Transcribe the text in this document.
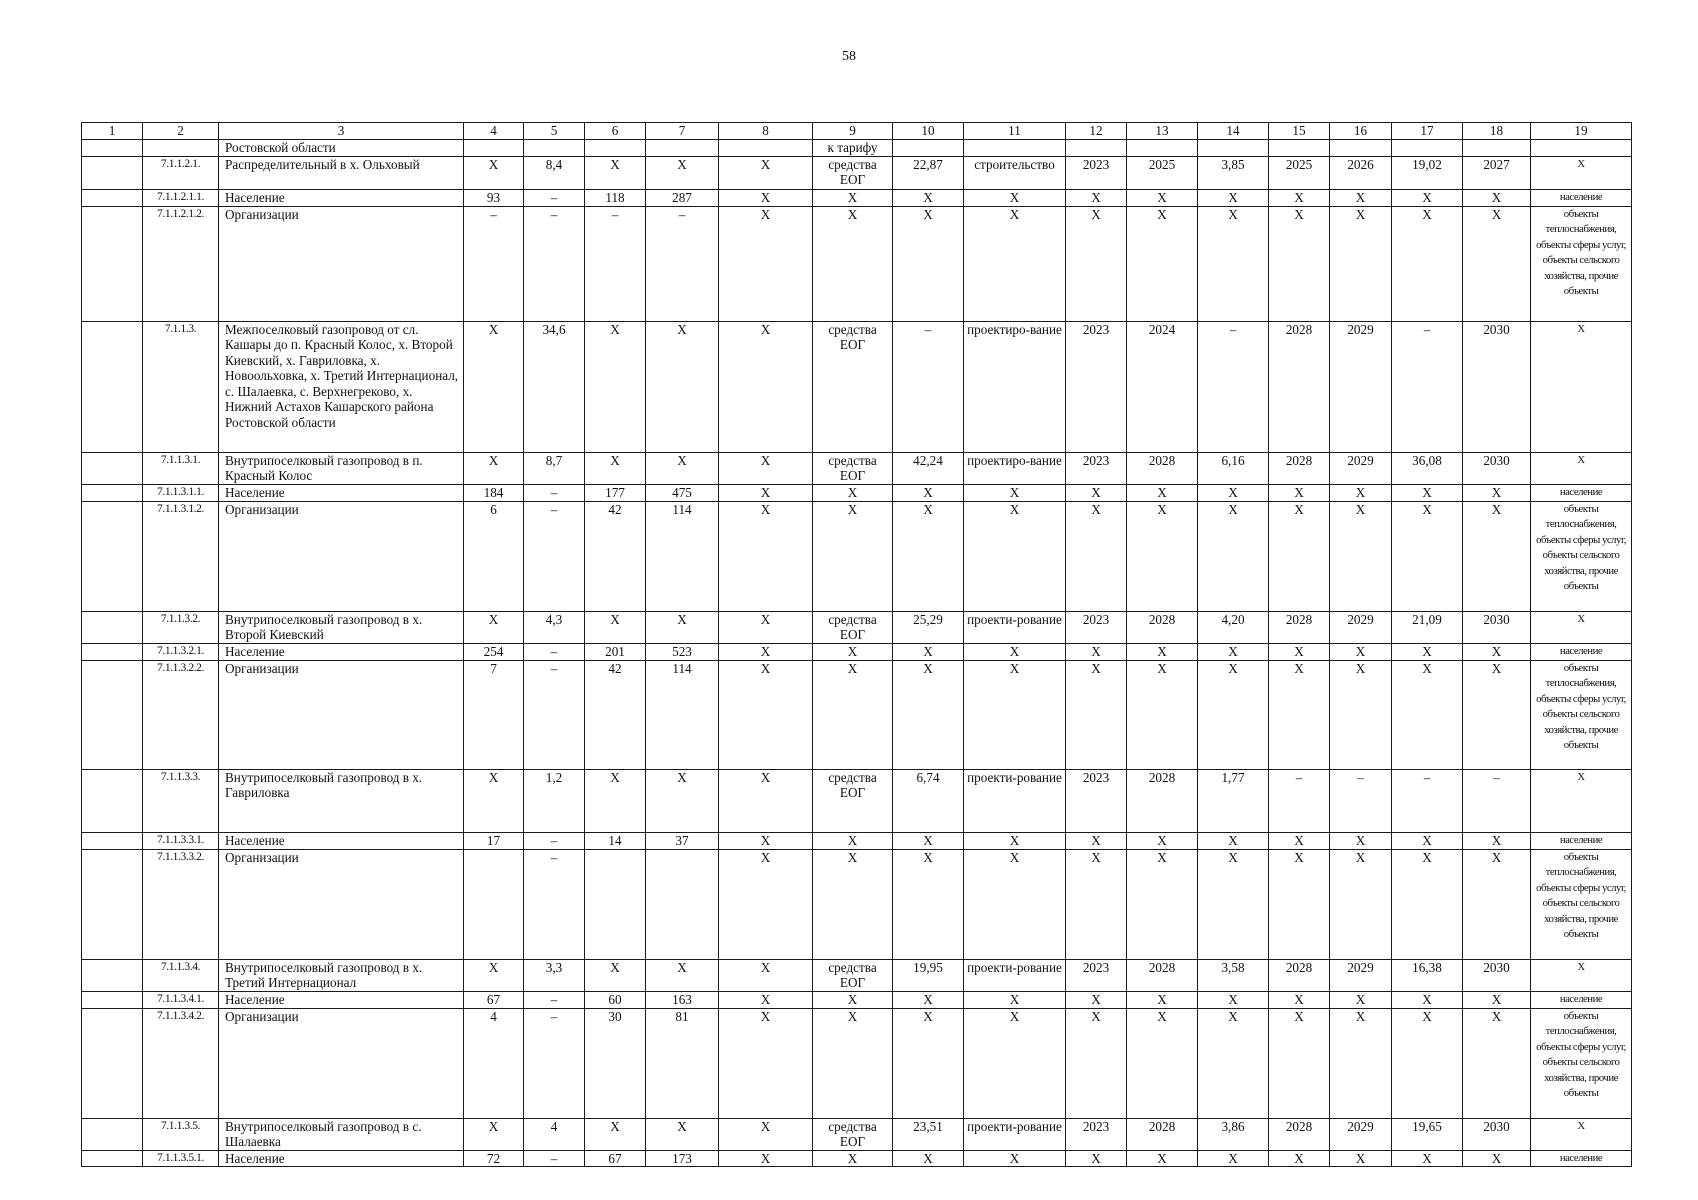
58
1	2	3	4	5	6	7	8	9	10	11	12	13	14	15	16	17	18	19
		Ростовской области						к тарифу										
	7.1.1.2.1.	Распределительный в х. Ольховый	X	8,4	X	X	X	средства ЕОГ	22,87	строительство	2023	2025	3,85	2025	2026	19,02	2027	X
	7.1.1.2.1.1.	Население	93	–	118	287	X	X	X	X	X	X	X	X	X	X	X	население
	7.1.1.2.1.2.	Организации	–	–	–	–	X	X	X	X	X	X	X	X	X	X	X	объекты теплоснабжения, объекты сферы услуг, объекты сельского хозяйства, прочие объекты
	7.1.1.3.	Межпоселковый газопровод от сл. Кашары до п. Красный Колос, х. Второй Киевский, х. Гавриловка, х. Новоольховка, х. Третий Интернационал, с. Шалаевка, с. Верхнегреково, х. Нижний Астахов Кашарского района Ростовской области	X	34,6	X	X	X	средства ЕОГ	–	проектиро-вание	2023	2024	–	2028	2029	–	2030	X
	7.1.1.3.1.	Внутрипоселковый газопровод в п. Красный Колос	X	8,7	X	X	X	средства ЕОГ	42,24	проектиро-вание	2023	2028	6,16	2028	2029	36,08	2030	X
	7.1.1.3.1.1.	Население	184	–	177	475	X	X	X	X	X	X	X	X	X	X	X	население
	7.1.1.3.1.2.	Организации	6	–	42	114	X	X	X	X	X	X	X	X	X	X	X	объекты теплоснабжения, объекты сферы услуг, объекты сельского хозяйства, прочие объекты
	7.1.1.3.2.	Внутрипоселковый газопровод в х. Второй Киевский	X	4,3	X	X	X	средства ЕОГ	25,29	проекти-рование	2023	2028	4,20	2028	2029	21,09	2030	X
	7.1.1.3.2.1.	Население	254	–	201	523	X	X	X	X	X	X	X	X	X	X	X	население
	7.1.1.3.2.2.	Организации	7	–	42	114	X	X	X	X	X	X	X	X	X	X	X	объекты теплоснабжения, объекты сферы услуг, объекты сельского хозяйства, прочие объекты
	7.1.1.3.3.	Внутрипоселковый газопровод в х. Гавриловка	X	1,2	X	X	X	средства ЕОГ	6,74	проекти-рование	2023	2028	1,77	–	–	–	–	X
	7.1.1.3.3.1.	Население	17	–	14	37	X	X	X	X	X	X	X	X	X	X	X	население
	7.1.1.3.3.2.	Организации		–			X	X	X	X	X	X	X	X	X	X	X	объекты теплоснабжения, объекты сферы услуг, объекты сельского хозяйства, прочие объекты
	7.1.1.3.4.	Внутрипоселковый газопровод в х. Третий Интернационал	X	3,3	X	X	X	средства ЕОГ	19,95	проекти-рование	2023	2028	3,58	2028	2029	16,38	2030	X
	7.1.1.3.4.1.	Население	67	–	60	163	X	X	X	X	X	X	X	X	X	X	X	население
	7.1.1.3.4.2.	Организации	4	–	30	81	X	X	X	X	X	X	X	X	X	X	X	объекты теплоснабжения, объекты сферы услуг, объекты сельского хозяйства, прочие объекты
	7.1.1.3.5.	Внутрипоселковый газопровод в с. Шалаевка	X	4	X	X	X	средства ЕОГ	23,51	проекти-рование	2023	2028	3,86	2028	2029	19,65	2030	X
	7.1.1.3.5.1.	Население	72	–	67	173	X	X	X	X	X	X	X	X	X	X	X	население
